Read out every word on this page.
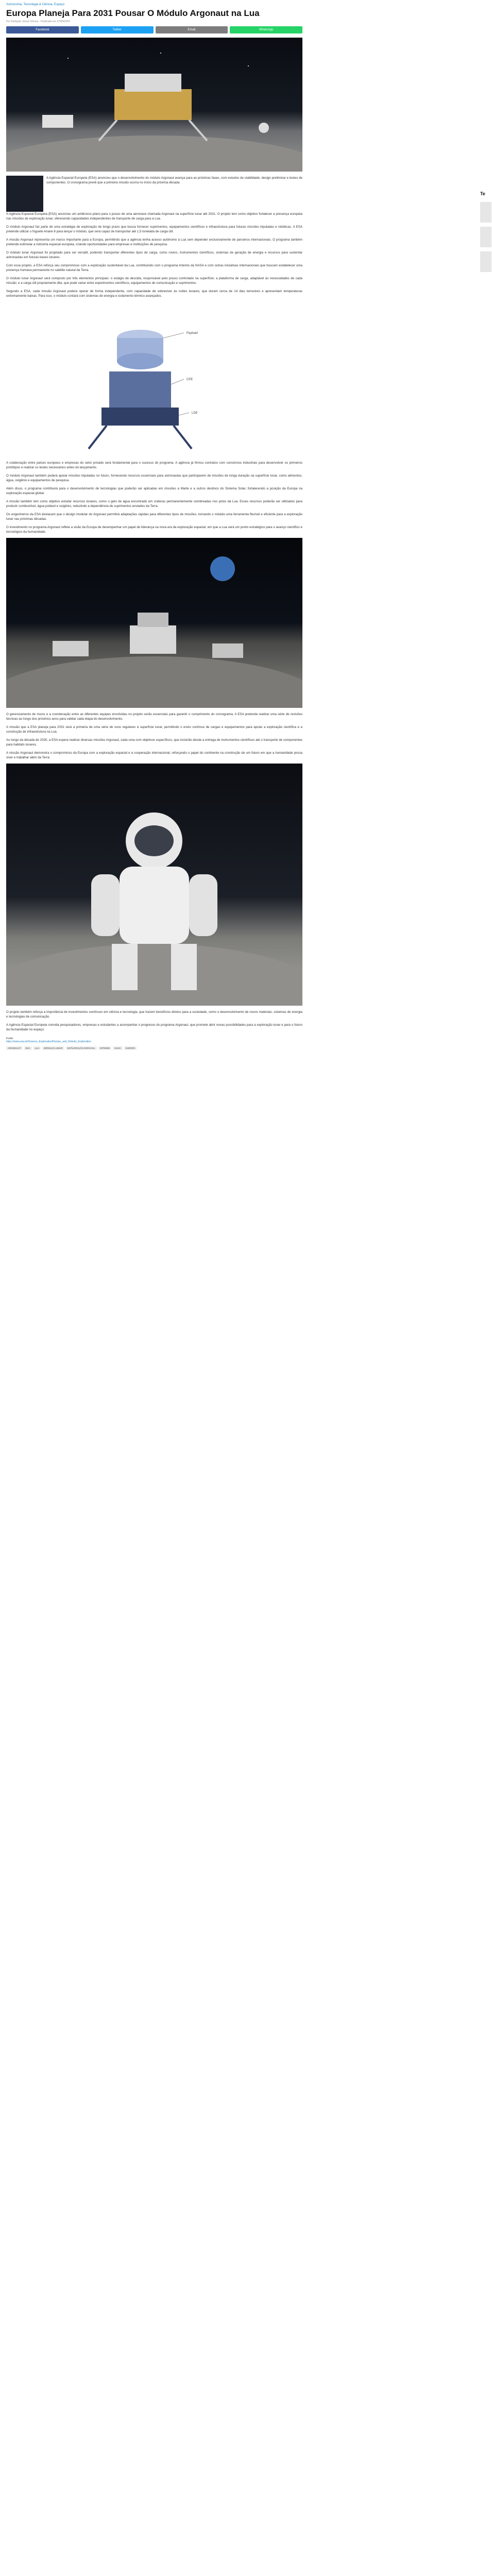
Astronomia, Tecnologia & Ciência, Espaço
Europa Planeja Para 2031 Pousar O Módulo Argonaut na Lua
Por Redação Jornal Ciência · Publicado em 27/09/2024
Facebook	Twitter	Email	WhatsApp

A Agência Espacial Europeia (ESA) anunciou que o desenvolvimento do módulo Argonaut avança para as próximas fases, com estudos de viabilidade, design preliminar e testes de componentes. O cronograma prevê que a primeira missão ocorra no início da próxima década.

A Agência Espacial Europeia (ESA) anunciou um ambicioso plano para o pouso de uma aeronave chamada Argonaut na superfície lunar até 2031. O projeto tem como objetivo fortalecer a presença europeia nas missões de exploração lunar, oferecendo capacidades independentes de transporte de carga para a Lua.

O módulo Argonaut faz parte de uma estratégia de exploração de longo prazo que busca fornecer suprimentos, equipamentos científicos e infraestrutura para futuras missões tripuladas e robóticas. A ESA pretende utilizar o foguete Ariane 6 para lançar o módulo, que será capaz de transportar até 1,5 tonelada de carga útil.

A missão Argonaut representa um marco importante para a Europa, permitindo que a agência tenha acesso autônomo à Lua sem depender exclusivamente de parceiros internacionais. O programa também pretende estimular a indústria espacial europeia, criando oportunidades para empresas e instituições de pesquisa.

O módulo lunar Argonaut foi projetado para ser versátil, podendo transportar diferentes tipos de carga, como rovers, instrumentos científicos, sistemas de geração de energia e recursos para sustentar astronautas em futuras bases lunares.

Com esse projeto, a ESA reforça seu compromisso com a exploração sustentável da Lua, contribuindo com o programa Artemis da NASA e com outras iniciativas internacionais que buscam estabelecer uma presença humana permanente no satélite natural da Terra.

O módulo lunar Argonaut será composto por três elementos principais: o estágio de descida, responsável pelo pouso controlado na superfície; a plataforma de carga, adaptável às necessidades de cada missão; e a carga útil propriamente dita, que pode variar entre experimentos científicos, equipamentos de comunicação e suprimentos.

Segundo a ESA, cada missão Argonaut poderá operar de forma independente, com capacidade de sobreviver às noites lunares, que duram cerca de 14 dias terrestres e apresentam temperaturas extremamente baixas. Para isso, o módulo contará com sistemas de energia e isolamento térmico avançados.

Payload
CPE
LDE

A colaboração entre países europeus e empresas do setor privado será fundamental para o sucesso do programa. A agência já firmou contratos com consórcios industriais para desenvolver os primeiros protótipos e realizar os testes necessários antes do lançamento.

O módulo Argonaut também poderá apoiar missões tripuladas no futuro, fornecendo recursos essenciais para astronautas que participarem de missões de longa duração na superfície lunar, como alimentos, água, oxigênio e equipamentos de pesquisa.

Além disso, o programa contribuirá para o desenvolvimento de tecnologias que poderão ser aplicadas em missões a Marte e a outros destinos do Sistema Solar, fortalecendo a posição da Europa na exploração espacial global.

A missão também tem como objetivo estudar recursos lunares, como o gelo de água encontrado em crateras permanentemente sombreadas nos polos da Lua. Esses recursos poderão ser utilizados para produzir combustível, água potável e oxigênio, reduzindo a dependência de suprimentos enviados da Terra.

Os engenheiros da ESA destacam que o design modular do Argonaut permitirá adaptações rápidas para diferentes tipos de missões, tornando o módulo uma ferramenta flexível e eficiente para a exploração lunar nas próximas décadas.

O investimento no programa Argonaut reflete a visão da Europa de desempenhar um papel de liderança na nova era da exploração espacial, em que a Lua será um ponto estratégico para o avanço científico e tecnológico da humanidade.

O gerenciamento de riscos e a coordenação entre as diferentes equipes envolvidas no projeto serão essenciais para garantir o cumprimento do cronograma. A ESA pretende realizar uma série de revisões técnicas ao longo dos próximos anos para validar cada etapa do desenvolvimento.

A missão que a ESA planeja para 2031 será a primeira de uma série de voos regulares à superfície lunar, permitindo o envio contínuo de cargas e equipamentos para apoiar a exploração científica e a construção de infraestrutura na Lua.

Ao longo da década de 2030, a ESA espera realizar diversas missões Argonaut, cada uma com objetivos específicos, que incluirão desde a entrega de instrumentos científicos até o transporte de componentes para habitats lunares.

A missão Argonaut demonstra o compromisso da Europa com a exploração espacial e a cooperação internacional, reforçando o papel do continente na construção de um futuro em que a humanidade possa viver e trabalhar além da Terra.

O projeto também reforça a importância de investimentos contínuos em ciência e tecnologia, que trazem benefícios diretos para a sociedade, como o desenvolvimento de novos materiais, sistemas de energia e tecnologias de comunicação.

A Agência Espacial Europeia convida pesquisadores, empresas e estudantes a acompanhar o progresso do programa Argonaut, que promete abrir novas possibilidades para a exploração lunar e para o futuro da humanidade no espaço.

Fonte:
https://www.esa.int/Science_Exploration/Human_and_Robotic_Exploration
ARGONAUT	ESA	LUA	MÓDULO LUNAR	EXPLORAÇÃO ESPACIAL	ARTEMIS	NASA	EUROPA
Te
